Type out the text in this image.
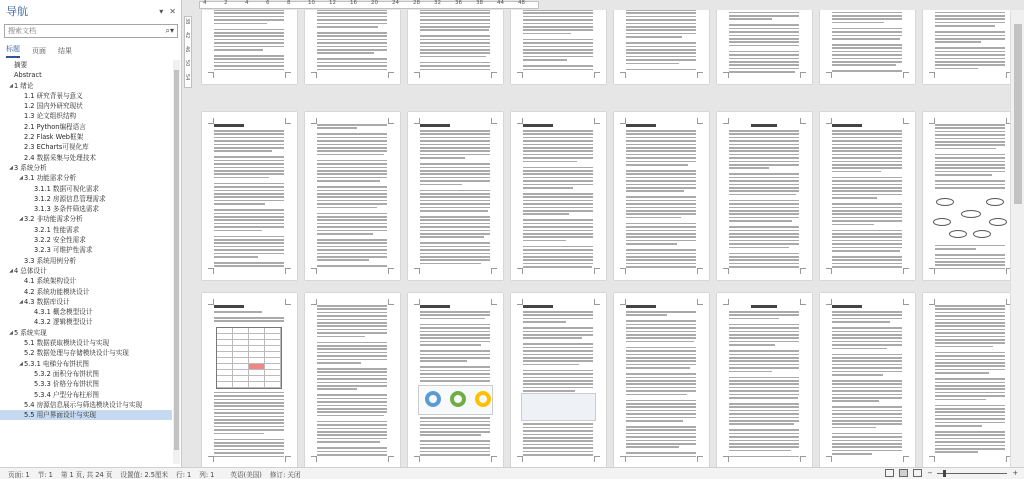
导航	▾ ✕
搜索文档
⌕▾
标题 页面 结果
摘要
Abstract
◢ 1 绪论
1.1 研究背景与意义
1.2 国内外研究现状
1.3 论文组织结构
2.1 Python编程语言
2.2 Flask Web框架
2.3 ECharts可视化库
2.4 数据采集与处理技术
◢ 3 系统分析
◢ 3.1 功能需求分析
3.1.1 数据可视化需求
3.1.2 房源信息管理需求
3.1.3 多条件筛选需求
◢ 3.2 非功能需求分析
3.2.1 性能需求
3.2.2 安全性需求
3.2.3 可维护性需求
3.3 系统用例分析
◢ 4 总体设计
4.1 系统架构设计
4.2 系统功能模块设计
◢ 4.3 数据库设计
4.3.1 概念模型设计
4.3.2 逻辑模型设计
◢ 5 系统实现
5.1 数据获取模块设计与实现
5.2 数据处理与存储模块设计与实现
◢ 5.3.1 电梯分布饼状图
5.3.2 面积分布饼状图
5.3.3 价格分布饼状图
5.3.4 户型分布柱形图
5.4 房源信息展示与筛选模块设计与实现
5.5 用户界面设计与实现
4	2	4	6	8	10	12	16	20	24	28	32	36	38	44	48
38
42
46
50
54
页面: 1 节: 1 第 1 页, 共 24 页 设置值: 2.5厘米 行: 1 列: 1 英语(美国) 修订: 关闭	−	+
